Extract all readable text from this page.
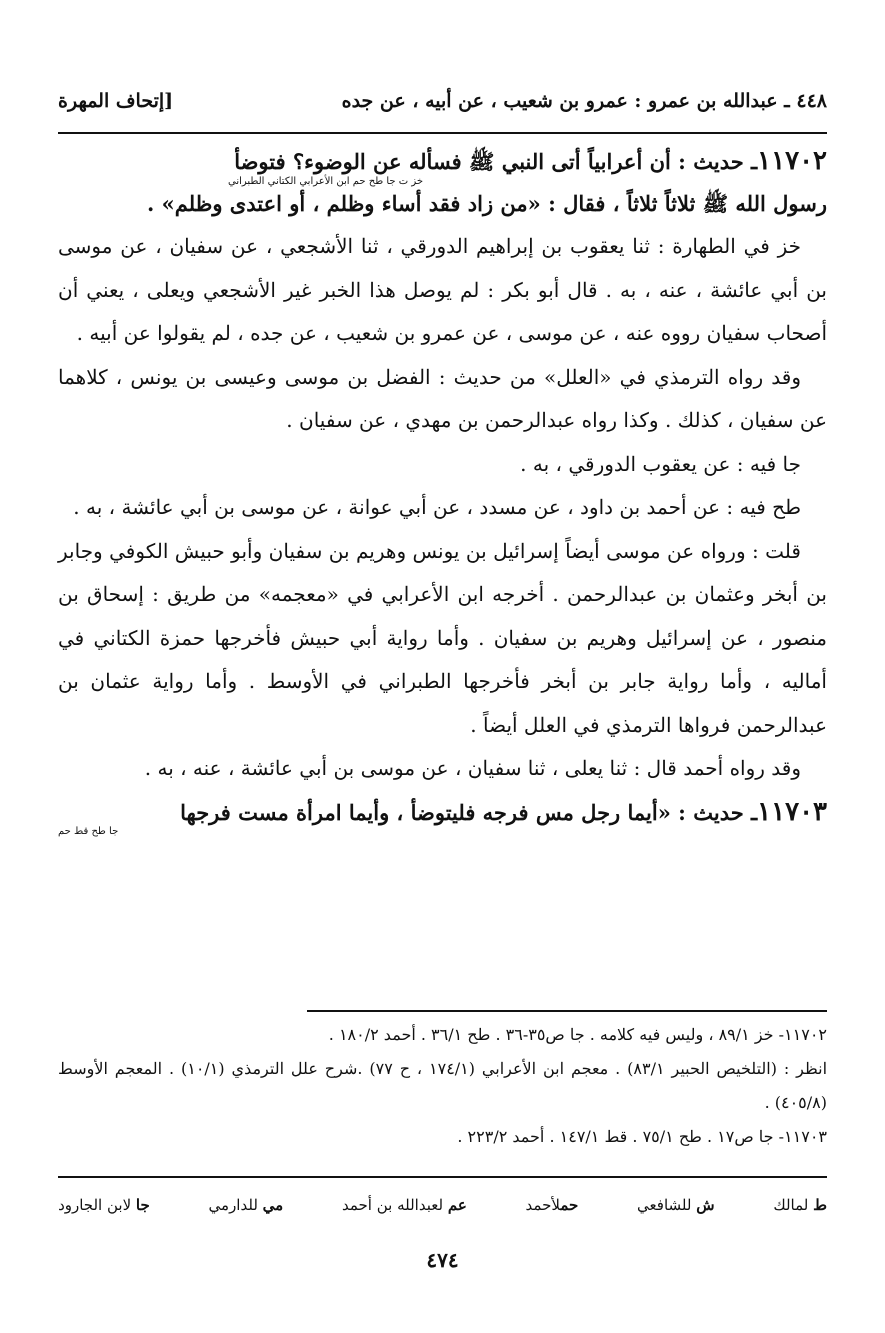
٤٤٨ ـ عبدالله بن عمرو : عمرو بن شعيب ، عن أبيه ، عن جده
[إتحاف المهرة

١١٧٠٢ـ حديث : أن أعرابياً أتى النبي ﷺ فسأله عن الوضوء؟ فتوضأ

خز ت جا طح حم ابن الأعرابي الكتاني الطبراني

رسول الله ﷺ ثلاثاً ثلاثاً ، فقال : «من زاد فقد أساء وظلم ، أو اعتدى وظلم» .

خز في الطهارة : ثنا يعقوب بن إبراهيم الدورقي ، ثنا الأشجعي ، عن سفيان ، عن موسى بن أبي عائشة ، عنه ، به . قال أبو بكر : لم يوصل هذا الخبر غير الأشجعي ويعلى ، يعني أن أصحاب سفيان رووه عنه ، عن موسى ، عن عمرو بن شعيب ، عن جده ، لم يقولوا عن أبيه .

وقد رواه الترمذي في «العلل» من حديث : الفضل بن موسى وعيسى بن يونس ، كلاهما عن سفيان ، كذلك . وكذا رواه عبدالرحمن بن مهدي ، عن سفيان .

جا فيه : عن يعقوب الدورقي ، به .

طح فيه : عن أحمد بن داود ، عن مسدد ، عن أبي عوانة ، عن موسى بن أبي عائشة ، به .

قلت : ورواه عن موسى أيضاً إسرائيل بن يونس وهريم بن سفيان وأبو حبيش الكوفي وجابر بن أبخر وعثمان بن عبدالرحمن . أخرجه ابن الأعرابي في «معجمه» من طريق : إسحاق بن منصور ، عن إسرائيل وهريم بن سفيان . وأما رواية أبي حبيش فأخرجها حمزة الكتاني في أماليه ، وأما رواية جابر بن أبخر فأخرجها الطبراني في الأوسط . وأما رواية عثمان بن عبدالرحمن فرواها الترمذي في العلل أيضاً .

وقد رواه أحمد قال : ثنا يعلى ، ثنا سفيان ، عن موسى بن أبي عائشة ، عنه ، به .

١١٧٠٣ـ حديث : «أيما رجل مس فرجه فليتوضأ ، وأيما امرأة مست فرجها

جا طح قط حم

١١٧٠٢- خز ٨٩/١ ، وليس فيه كلامه . جا ص٣٥-٣٦ . طح ٣٦/١ . أحمد ١٨٠/٢ .

انظر : (التلخيص الحبير ٨٣/١) . معجم ابن الأعرابي (١٧٤/١ ، ح ٧٧) .شرح علل الترمذي (١٠/١) . المعجم الأوسط (٤٠٥/٨) .

١١٧٠٣- جا ص١٧ . طح ٧٥/١ . قط ١٤٧/١ . أحمد ٢٢٣/٢ .

ط لمالك
ش للشافعي
حملأحمد
عم لعبدالله بن أحمد
مي للدارمي
جا لابن الجارود
٤٧٤
